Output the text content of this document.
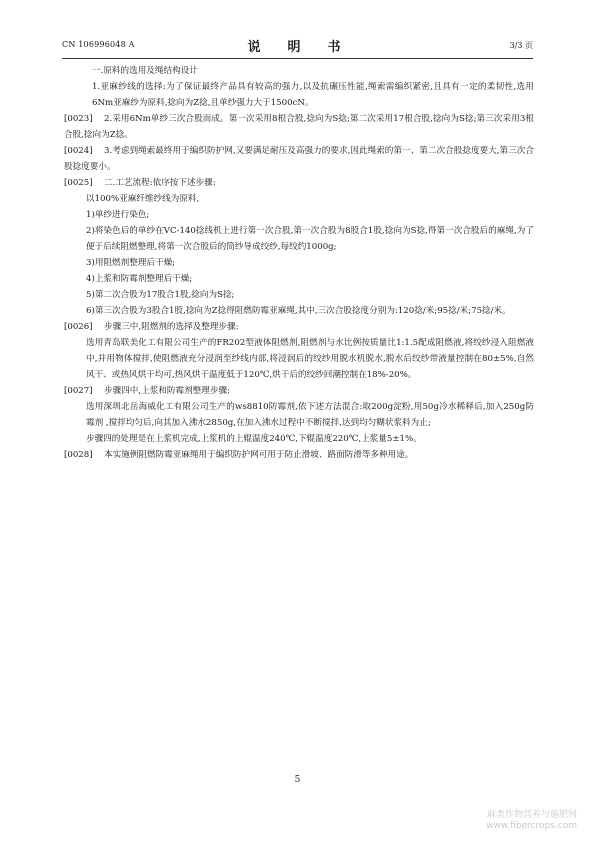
CN 106996048 A	说　明　书	3/3 页

一.原料的选用及绳结构设计

1.亚麻纱线的选择:为了保证最终产品具有较高的强力,以及抗碾压性能,绳索需编织紧密,且具有一定的柔韧性,选用6Nm亚麻纱为原料,捻向为Z捻,且单纱强力大于1500cN。

[0023] 2.采用6Nm单纱三次合股而成。第一次采用8根合股,捻向为S捻;第二次采用17根合股,捻向为S捻;第三次采用3根合股,捻向为Z捻。

[0024] 3.考虑到绳索最终用于编织防护网,又要满足耐压及高强力的要求,因此绳索的第一、第二次合股捻度要大,第三次合股捻度要小。

[0025] 二.工艺流程:依序按下述步骤:

以100%亚麻纤维纱线为原料,

1)单纱进行染色;

2)将染色后的单纱在VC-140捻线机上进行第一次合股,第一次合股为8股合1股,捻向为S捻,得第一次合股后的麻绳,为了便于后续阻燃整理,将第一次合股后的筒纱导成绞纱,每绞约1000g;

3)用阻燃剂整理后干燥;

4)上浆和防霉剂整理后干燥;

5)第二次合股为17股合1股,捻向为S捻;

6)第三次合股为3股合1股,捻向为Z捻得阻燃防霉亚麻绳,其中,三次合股捻度分别为:120捻/米;95捻/米;75捻/米。

[0026] 步骤三中,阻燃剂的选择及整理步骤:

选用青岛联美化工有限公司生产的FR202型液体阻燃剂,阻燃剂与水比例按质量比1:1.5配成阻燃液,将绞纱浸入阻燃液中,并用物体搅拌,使阻燃液充分浸润至纱线内部,将浸润后的绞纱用脱水机脱水,脱水后绞纱带液量控制在80±5%,自然风干、或热风烘干均可,热风烘干温度低于120℃,烘干后的绞纱回潮控制在18%-20%。

[0027] 步骤四中,上浆和防霉剂整理步骤:

选用深圳北岳海威化工有限公司生产的ws8810防霉剂,依下述方法混合:取200g淀粉,用50g冷水稀释后,加入250g防霉剂 ,搅拌均匀后,向其加入沸水2850g,在加入沸水过程中不断搅拌,达到均匀糊状浆料为止;

步骤四的处理是在上浆机完成,上浆机的上辊温度240℃,下辊温度220℃,上浆量5±1%。

[0028] 本实施例阻燃防霉亚麻绳用于编织防护网可用于防止滑坡、路面防滑等多种用途。

5
麻类作物营养与施肥网
www.fibercrops.com
